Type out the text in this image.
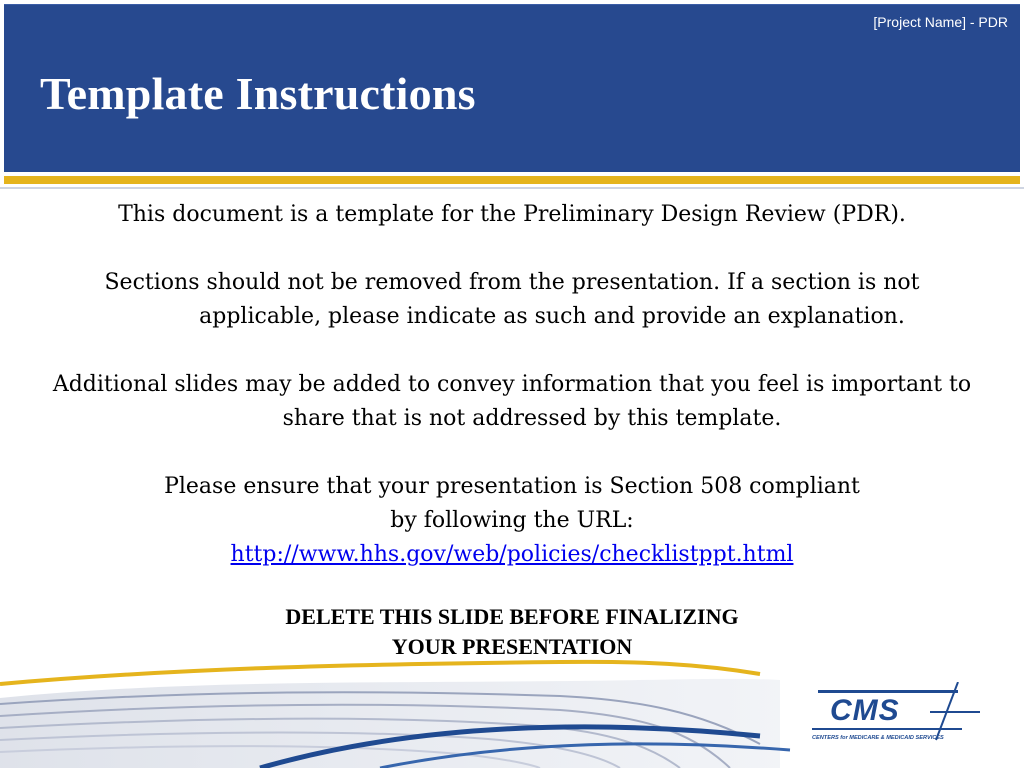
[Project Name] - PDR
Template Instructions

This document is a template for the Preliminary Design Review (PDR).

Sections should not be removed from the presentation. If a section is not

applicable, please indicate as such and provide an explanation.

Additional slides may be added to convey information that you feel is important to

share that is not addressed by this template.

Please ensure that your presentation is Section 508 compliant

by following the URL:

http://www.hhs.gov/web/policies/checklistppt.html

DELETE THIS SLIDE BEFORE FINALIZING

YOUR PRESENTATION

CMS
CENTERS for MEDICARE & MEDICAID SERVICES
